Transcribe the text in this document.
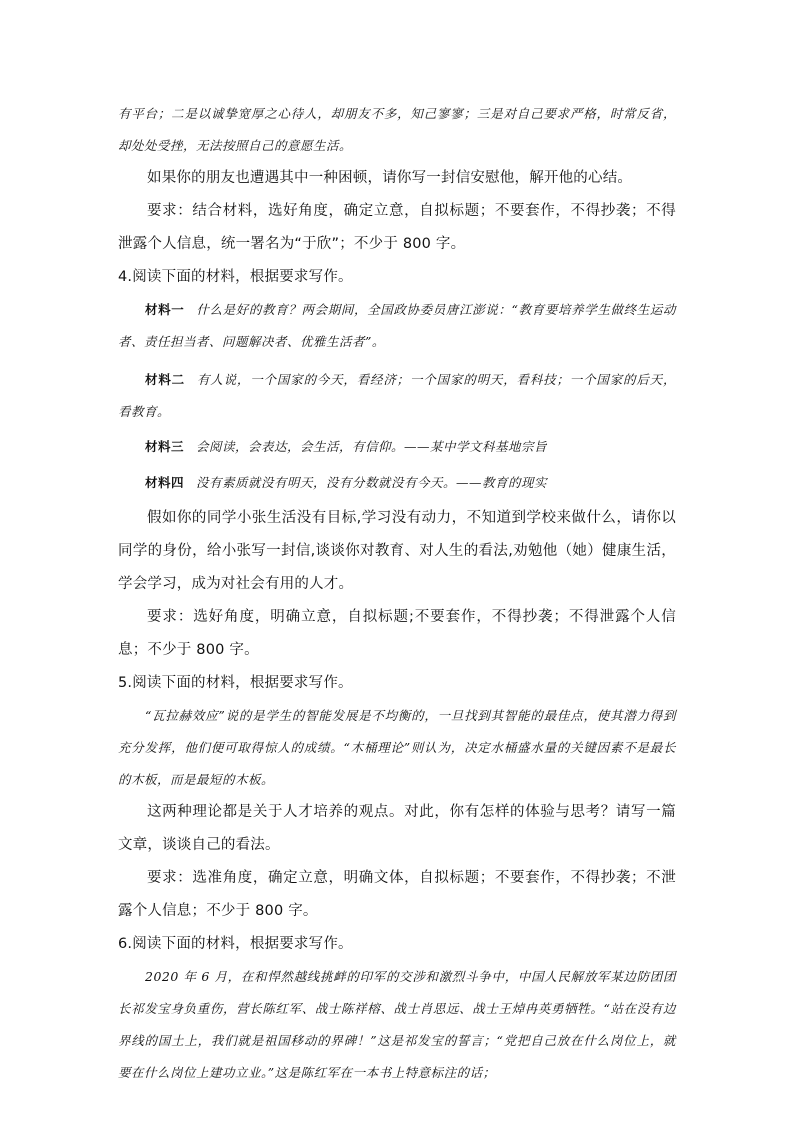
有平台；二是以诚挚宽厚之心待人，却朋友不多，知己寥寥；三是对自己要求严格，时常反省，却处处受挫，无法按照自己的意愿生活。

如果你的朋友也遭遇其中一种困顿，请你写一封信安慰他，解开他的心结。

要求：结合材料，选好角度，确定立意，自拟标题；不要套作，不得抄袭；不得泄露个人信息，统一署名为“于欣”；不少于 800 字。

4.阅读下面的材料，根据要求写作。

材料一 什么是好的教育？两会期间，全国政协委员唐江澎说：“教育要培养学生做终生运动者、责任担当者、问题解决者、优雅生活者”。

材料二 有人说，一个国家的今天，看经济；一个国家的明天，看科技；一个国家的后天，看教育。

材料三 会阅读，会表达，会生活，有信仰。——某中学文科基地宗旨

材料四 没有素质就没有明天，没有分数就没有今天。——教育的现实

假如你的同学小张生活没有目标,学习没有动力，不知道到学校来做什么，请你以同学的身份，给小张写一封信,谈谈你对教育、对人生的看法,劝勉他（她）健康生活，学会学习，成为对社会有用的人才。

要求：选好角度，明确立意，自拟标题;不要套作，不得抄袭；不得泄露个人信息；不少于 800 字。

5.阅读下面的材料，根据要求写作。

“瓦拉赫效应”说的是学生的智能发展是不均衡的，一旦找到其智能的最佳点，使其潜力得到充分发挥，他们便可取得惊人的成绩。“木桶理论”则认为，决定水桶盛水量的关键因素不是最长的木板，而是最短的木板。

这两种理论都是关于人才培养的观点。对此，你有怎样的体验与思考？请写一篇文章，谈谈自己的看法。

要求：选准角度，确定立意，明确文体，自拟标题；不要套作，不得抄袭；不泄露个人信息；不少于 800 字。

6.阅读下面的材料，根据要求写作。

2020 年 6 月，在和悍然越线挑衅的印军的交涉和激烈斗争中，中国人民解放军某边防团团长祁发宝身负重伤，营长陈红军、战士陈祥榕、战士肖思远、战士王焯冉英勇牺牲。“站在没有边界线的国土上，我们就是祖国移动的界碑！”这是祁发宝的誓言；“党把自己放在什么岗位上，就要在什么岗位上建功立业。”这是陈红军在一本书上特意标注的话；
